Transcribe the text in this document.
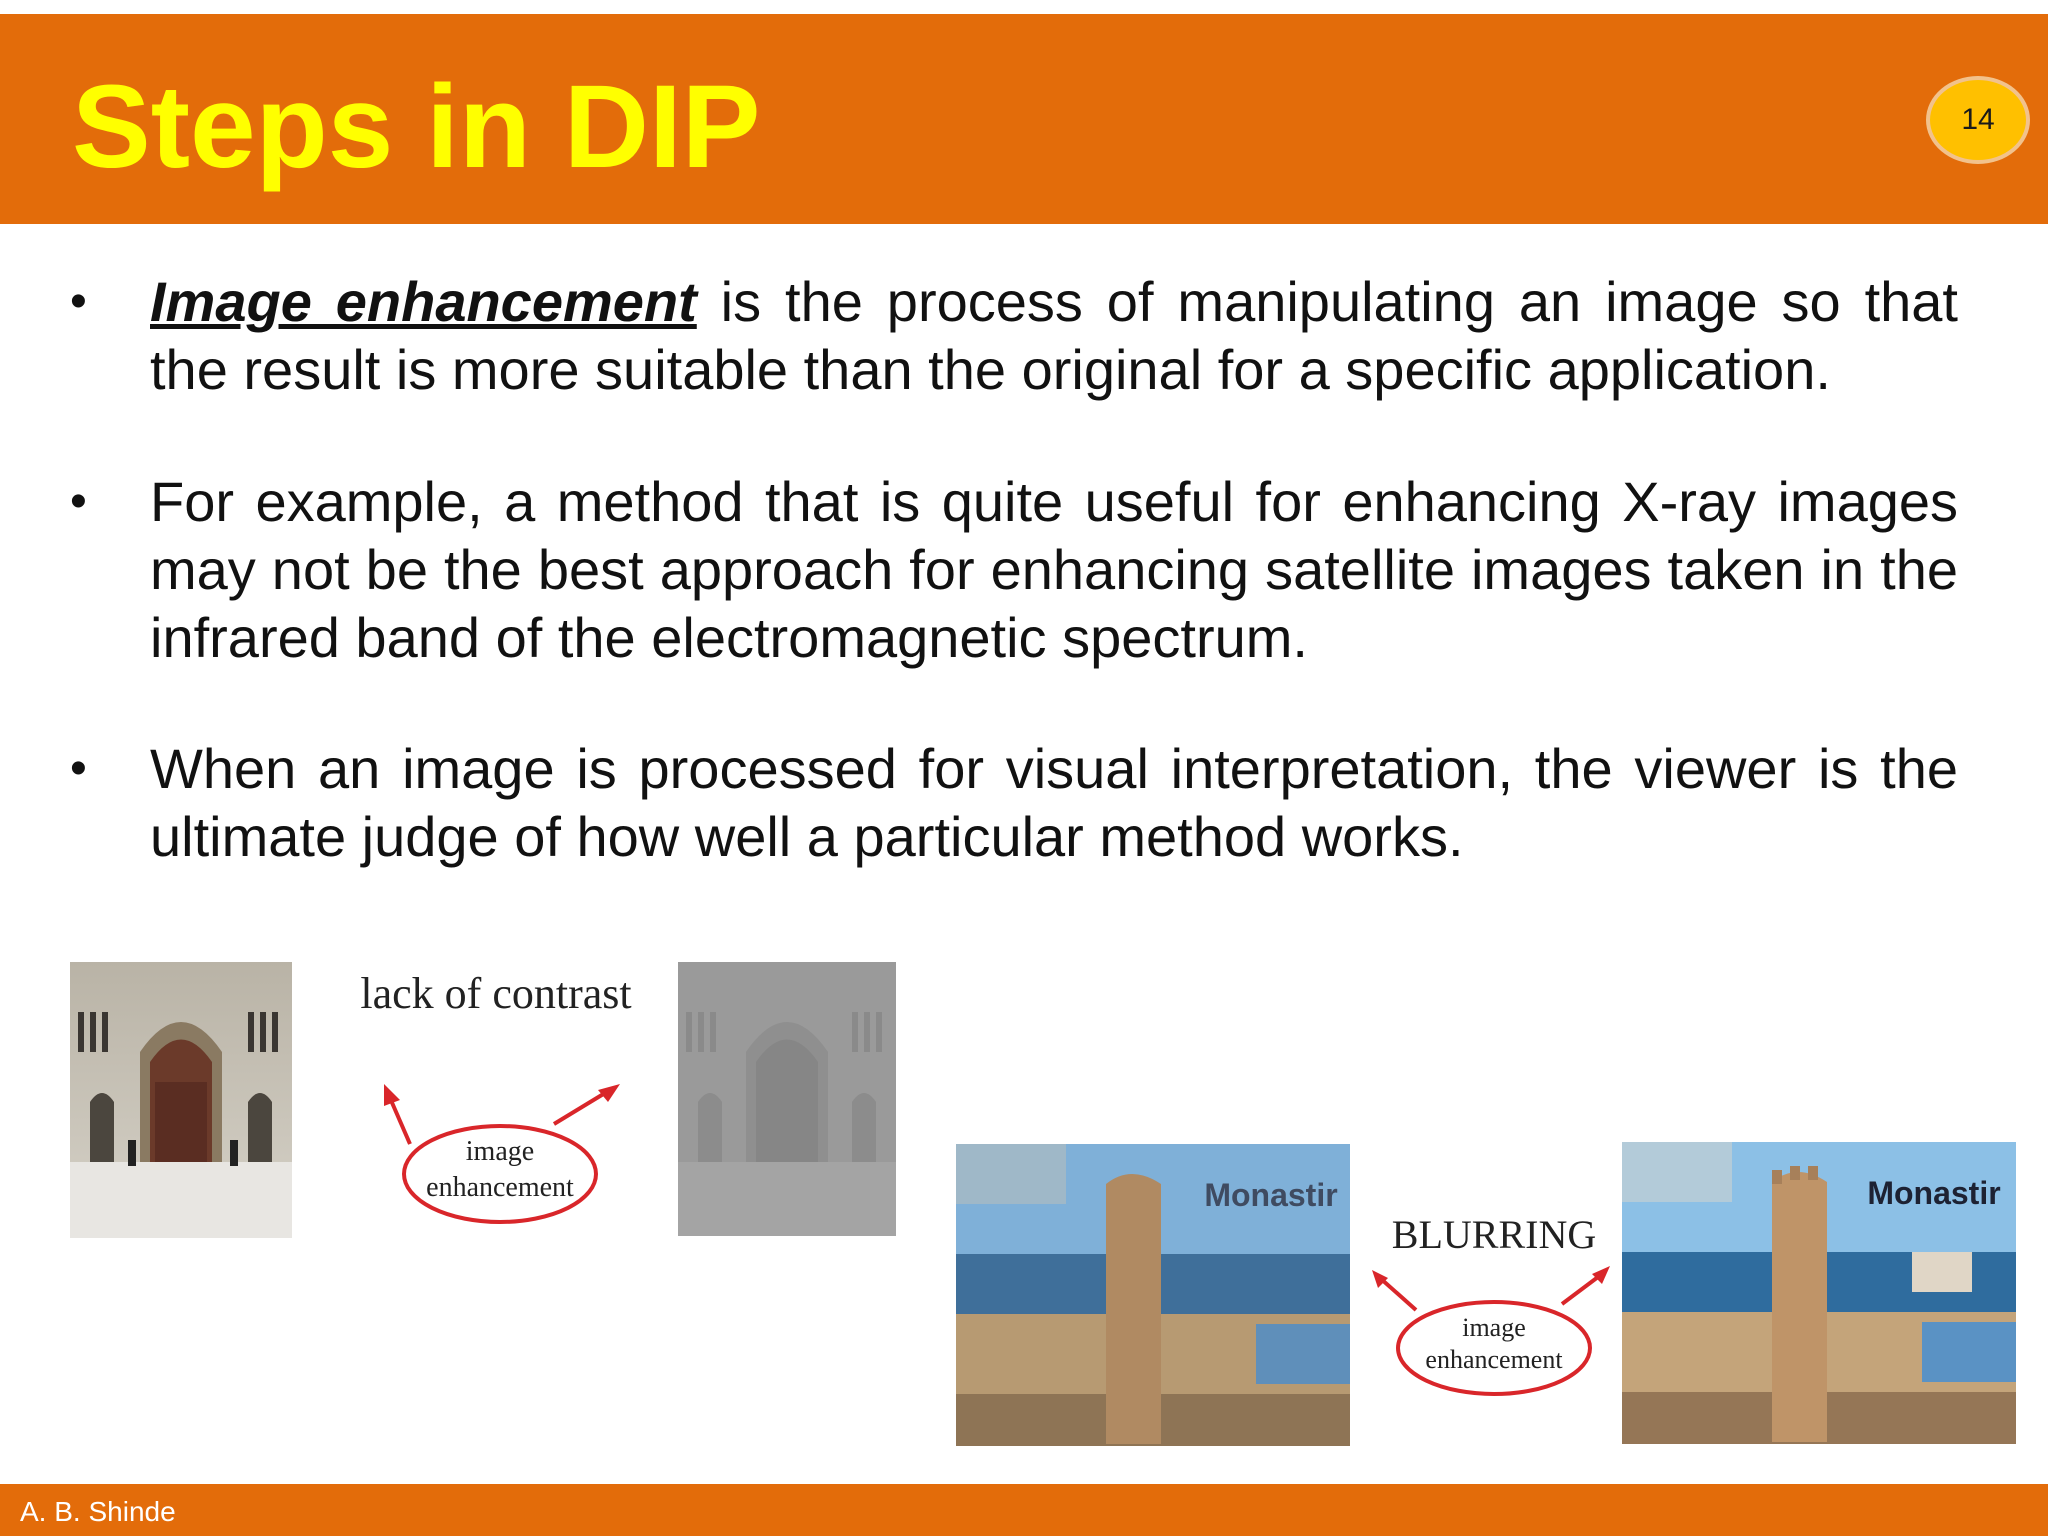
Steps in DIP	14
•	Image enhancement is the process of manipulating an image so that the result is more suitable than the original for a specific application.
•	For example, a method that is quite useful for enhancing X-ray images may not be the best approach for enhancing satellite images taken in the infrared band of the electromagnetic spectrum.
•	When an image is processed for visual interpretation, the viewer is the ultimate judge of how well a particular method works.
lack of contrast
image
enhancement	Monastir
BLURRING
image
enhancement
Monastir
A. B. Shinde
